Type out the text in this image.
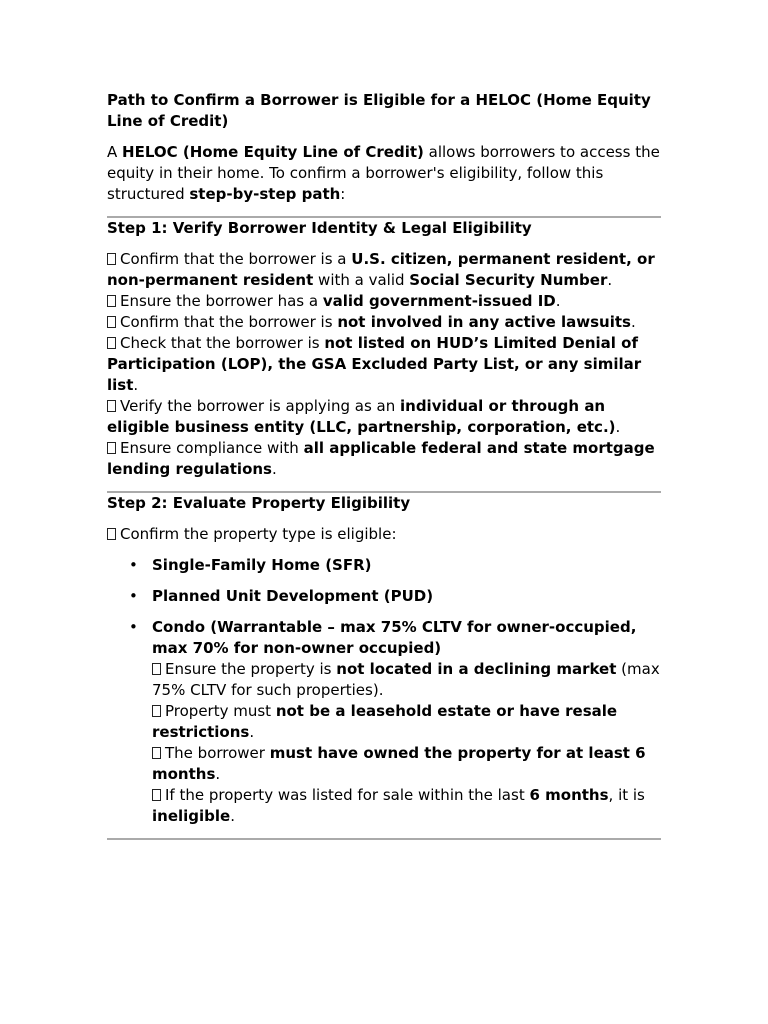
Path to Confirm a Borrower is Eligible for a HELOC (Home Equity Line of Credit)

A HELOC (Home Equity Line of Credit) allows borrowers to access the equity in their home. To confirm a borrower's eligibility, follow this structured step-by-step path:

Step 1: Verify Borrower Identity & Legal Eligibility
Confirm that the borrower is a U.S. citizen, permanent resident, or non-permanent resident with a valid Social Security Number.
Ensure the borrower has a valid government-issued ID.
Confirm that the borrower is not involved in any active lawsuits.
Check that the borrower is not listed on HUD’s Limited Denial of Participation (LOP), the GSA Excluded Party List, or any similar list.
Verify the borrower is applying as an individual or through an eligible business entity (LLC, partnership, corporation, etc.).
Ensure compliance with all applicable federal and state mortgage lending regulations.
Step 2: Evaluate Property Eligibility
Confirm the property type is eligible:
• Single-Family Home (SFR)
• Planned Unit Development (PUD)
• Condo (Warrantable – max 75% CLTV for owner-occupied, max 70% for non-owner occupied)
Ensure the property is not located in a declining market (max 75% CLTV for such properties).
Property must not be a leasehold estate or have resale restrictions.
The borrower must have owned the property for at least 6 months.
If the property was listed for sale within the last 6 months, it is ineligible.
